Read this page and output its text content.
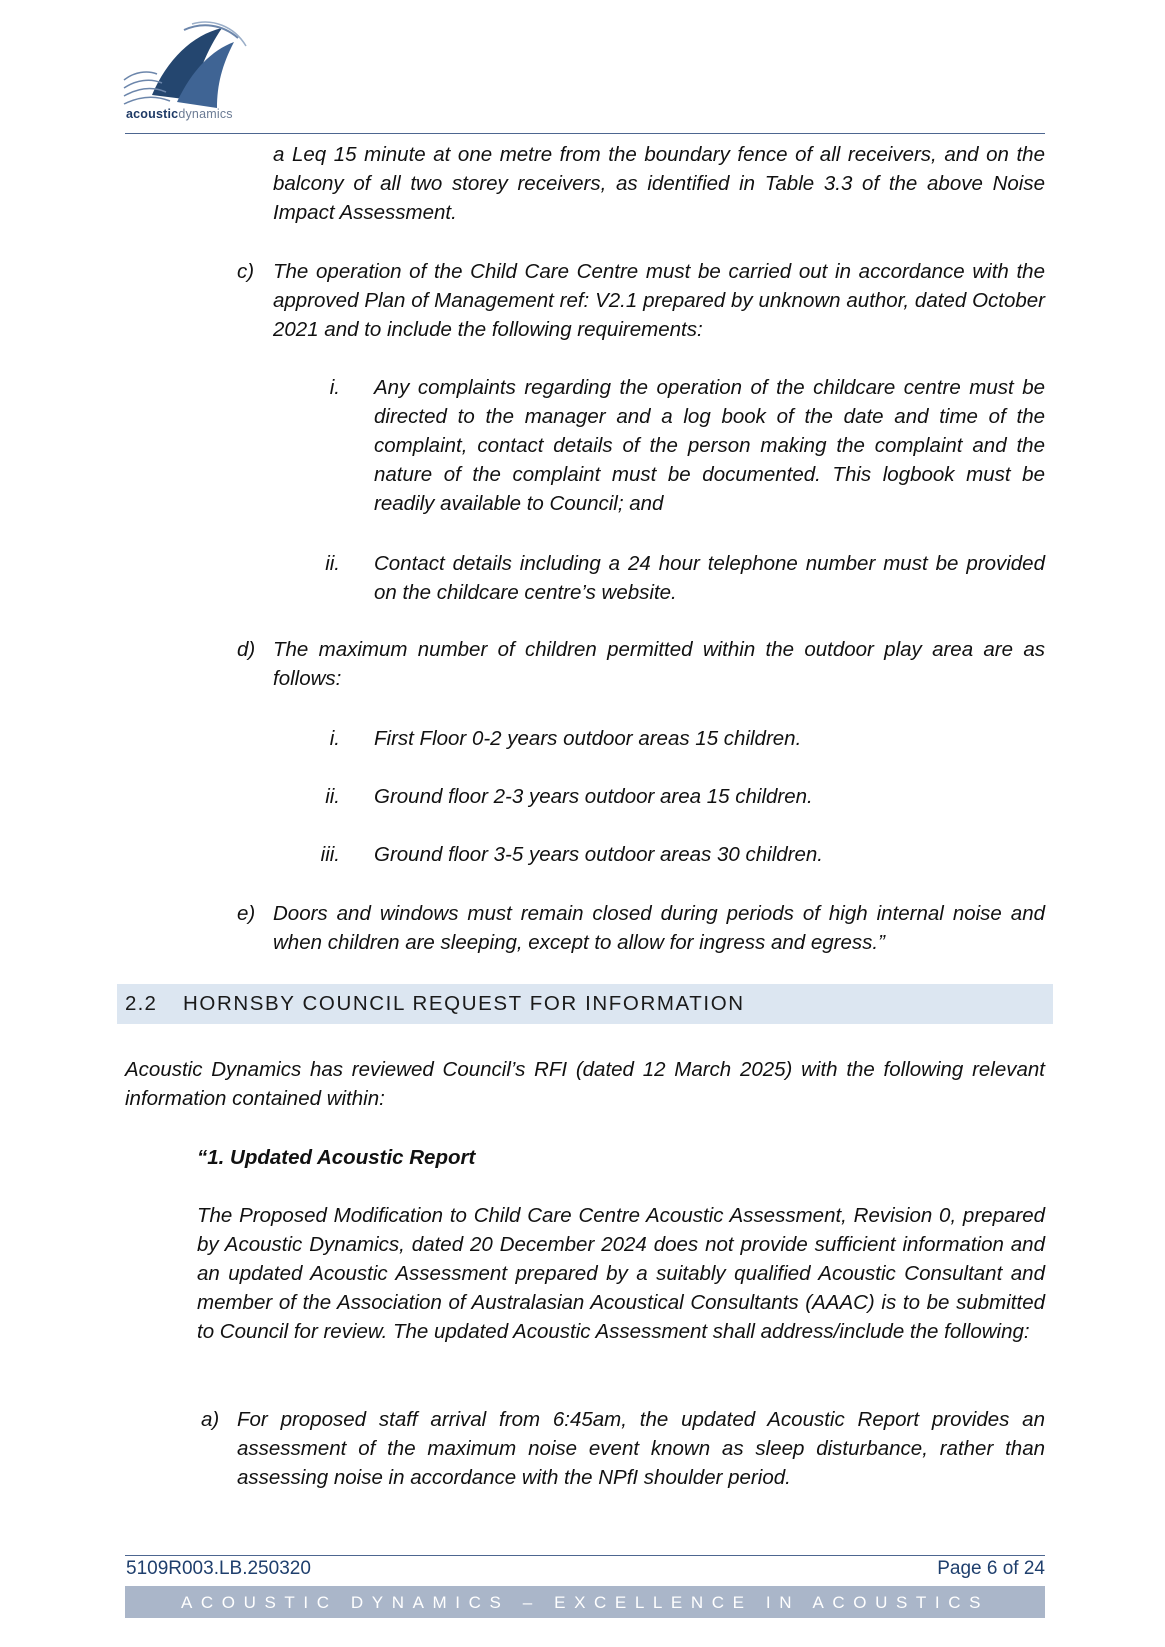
acousticdynamics
a Leq 15 minute at one metre from the boundary fence of all receivers, and on the balcony of all two storey receivers, as identified in Table 3.3 of the above Noise Impact Assessment.
c) The operation of the Child Care Centre must be carried out in accordance with the approved Plan of Management ref: V2.1 prepared by unknown author, dated October 2021 and to include the following requirements:
i. Any complaints regarding the operation of the childcare centre must be directed to the manager and a log book of the date and time of the complaint, contact details of the person making the complaint and the nature of the complaint must be documented. This logbook must be readily available to Council; and
ii. Contact details including a 24 hour telephone number must be provided on the childcare centre’s website.
d) The maximum number of children permitted within the outdoor play area are as follows:
i. First Floor 0-2 years outdoor areas 15 children.
ii. Ground floor 2-3 years outdoor area 15 children.
iii. Ground floor 3-5 years outdoor areas 30 children.
e) Doors and windows must remain closed during periods of high internal noise and when children are sleeping, except to allow for ingress and egress.”
2.2 HORNSBY COUNCIL REQUEST FOR INFORMATION
Acoustic Dynamics has reviewed Council’s RFI (dated 12 March 2025) with the following relevant information contained within:
“1. Updated Acoustic Report
The Proposed Modification to Child Care Centre Acoustic Assessment, Revision 0, prepared by Acoustic Dynamics, dated 20 December 2024 does not provide sufficient information and an updated Acoustic Assessment prepared by a suitably qualified Acoustic Consultant and member of the Association of Australasian Acoustical Consultants (AAAC) is to be submitted to Council for review. The updated Acoustic Assessment shall address/include the following:
a) For proposed staff arrival from 6:45am, the updated Acoustic Report provides an assessment of the maximum noise event known as sleep disturbance, rather than assessing noise in accordance with the NPfI shoulder period.
5109R003.LB.250320	Page 6 of 24
ACOUSTIC DYNAMICS – EXCELLENCE IN ACOUSTICS
